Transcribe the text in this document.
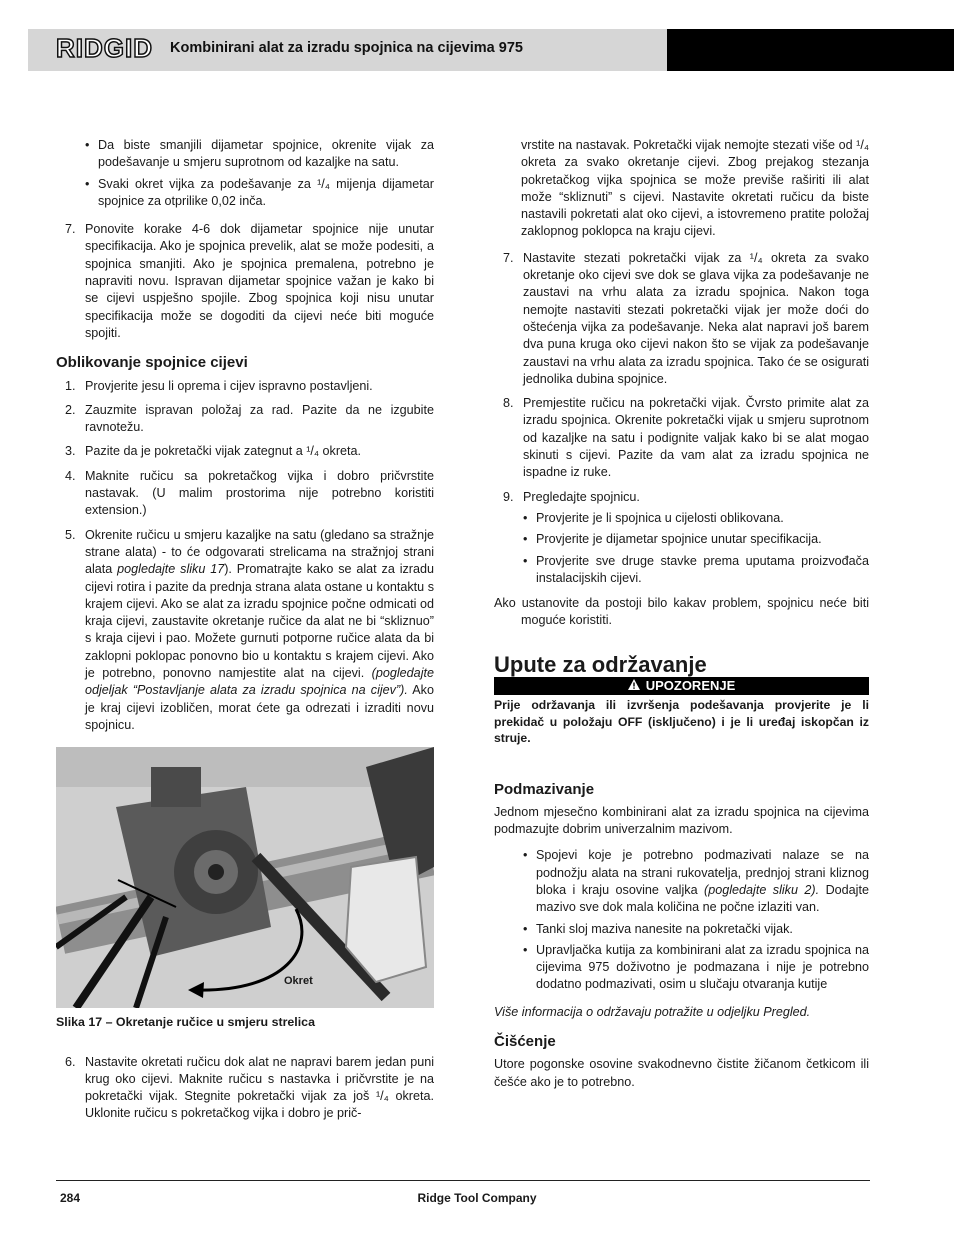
RIDGID Kombinirani alat za izradu spojnica na cijevima 975
• Da biste smanjili dijametar spojnice, okrenite vijak za podešavanje u smjeru suprotnom od kazaljke na satu.
• Svaki okret vijka za podešavanje za ¹/₄ mijenja dijametar spojnice za otprilike 0,02 inča.
7. Ponovite korake 4-6 dok dijametar spojnice nije unutar specifikacija. Ako je spojnica prevelik, alat se može podesiti, a spojnica smanjiti. Ako je spojnica premalena, potrebno je napraviti novu. Ispravan dijametar spojnice važan je kako bi se cijevi uspješno spojile. Zbog spojnica koji nisu unutar specifikacija može se dogoditi da cijevi neće biti moguće spojiti.
Oblikovanje spojnice cijevi
1. Provjerite jesu li oprema i cijev ispravno postavljeni.
2. Zauzmite ispravan položaj za rad. Pazite da ne izgubite ravnotežu.
3. Pazite da je pokretački vijak zategnut a ¹/₄ okreta.
4. Maknite ručicu sa pokretačkog vijka i dobro pričvrstite nastavak. (U malim prostorima nije potrebno koristiti extension.)
5. Okrenite ručicu u smjeru kazaljke na satu (gledano sa stražnje strane alata) - to će odgovarati strelicama na stražnjoj strani alata pogledajte sliku 17). Promatrajte kako se alat za izradu cijevi rotira i pazite da prednja strana alata ostane u kontaktu s krajem cijevi. Ako se alat za izradu spojnice počne odmicati od kraja cijevi, zaustavite okretanje ručice da alat ne bi “skliznuo” s kraja cijevi i pao. Možete gurnuti potporne ručice alata da bi zaklopni poklopac ponovno bio u kontaktu s krajem cijevi. Ako je potrebno, ponovno namjestite alat na cijevi. (pogledajte odjeljak “Postavljanje alata za izradu spojnica na cijev”). Ako je kraj cijevi izobličen, morat ćete ga odrezati i izraditi novu spojnicu.
Okret
Slika 17 – Okretanje ručice u smjeru strelica
6. Nastavite okretati ručicu dok alat ne napravi barem jedan puni krug oko cijevi. Maknite ručicu s nastavka i pričvrstite je na pokretački vijak. Stegnite pokretački vijak za još ¹/₄ okreta. Uklonite ručicu s pokretačkog vijka i dobro je prič-
vrstite na nastavak. Pokretački vijak nemojte stezati više od ¹/₄ okreta za svako okretanje cijevi. Zbog prejakog stezanja pokretačkog vijka spojnica se može previše raširiti ili alat može “skliznuti” s cijevi. Nastavite okretati ručicu da biste nastavili pokretati alat oko cijevi, a istovremeno pratite položaj zaklopnog poklopca na kraju cijevi.
7. Nastavite stezati pokretački vijak za ¹/₄ okreta za svako okretanje oko cijevi sve dok se glava vijka za podešavanje ne zaustavi na vrhu alata za izradu spojnica. Nakon toga nemojte nastaviti stezati pokretački vijak jer može doći do oštećenja vijka za podešavanje. Neka alat napravi još barem dva puna kruga oko cijevi nakon što se vijak za podešavanje zaustavi na vrhu alata za izradu spojnica. Tako će se osigurati jednolika dubina spojnice.
8. Premjestite ručicu na pokretački vijak. Čvrsto primite alat za izradu spojnica. Okrenite pokretački vijak u smjeru suprotnom od kazaljke na satu i podignite valjak kako bi se alat mogao skinuti s cijevi. Pazite da vam alat za izradu spojnica ne ispadne iz ruke.
9. Pregledajte spojnicu.
• Provjerite je li spojnica u cijelosti oblikovana.
• Provjerite je dijametar spojnice unutar specifikacija.
• Provjerite sve druge stavke prema uputama proizvođača instalacijskih cijevi.
Ako ustanovite da postoji bilo kakav problem, spojnicu neće biti moguće koristiti.
Upute za održavanje
UPOZORENJE
Prije održavanja ili izvršenja podešavanja provjerite je li prekidač u položaju OFF (isključeno) i je li uređaj iskopčan iz struje.
Podmazivanje
Jednom mjesečno kombinirani alat za izradu spojnica na cijevima podmazujte dobrim univerzalnim mazivom.
• Spojevi koje je potrebno podmazivati nalaze se na podnožju alata na strani rukovatelja, prednjoj strani kliznog bloka i kraju osovine valjka (pogledajte sliku 2). Dodajte mazivo sve dok mala količina ne počne izlaziti van.
• Tanki sloj maziva nanesite na pokretački vijak.
• Upravljačka kutija za kombinirani alat za izradu spojnica na cijevima 975 doživotno je podmazana i nije je potrebno dodatno podmazivati, osim u slučaju otvaranja kutije
Više informacija o održavaju potražite u odjeljku Pregled.
Čišćenje
Utore pogonske osovine svakodnevno čistite žičanom četkicom ili češće ako je to potrebno.
284	Ridge Tool Company
